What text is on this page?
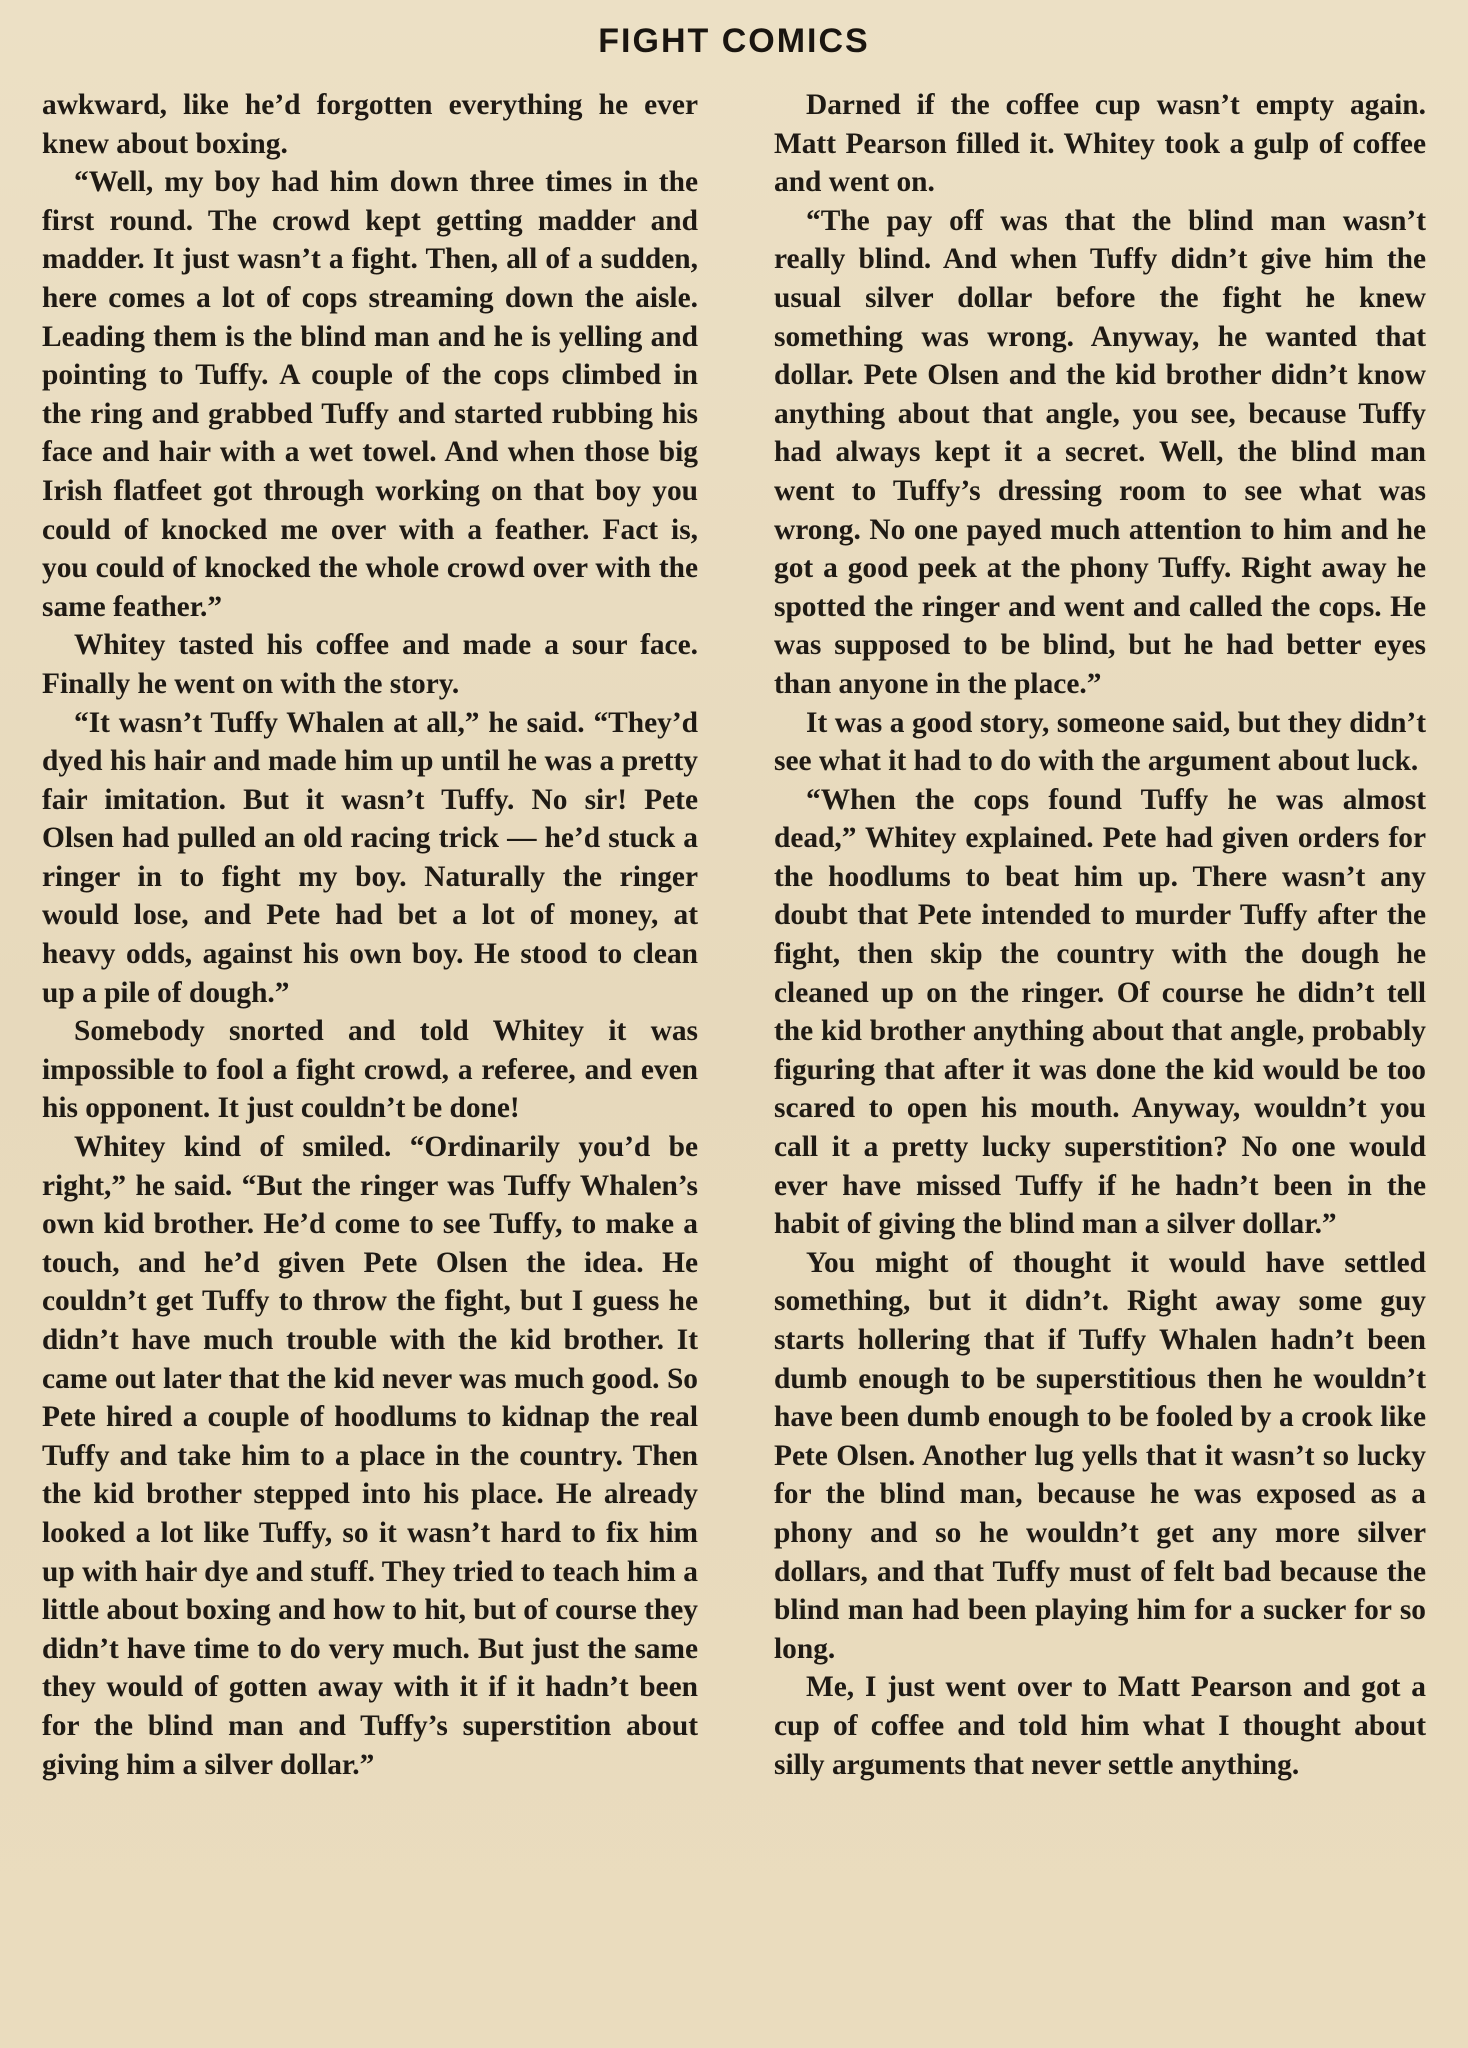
FIGHT COMICS

awkward, like he’d forgotten everything he ever knew about boxing.

“Well, my boy had him down three times in the first round. The crowd kept getting madder and madder. It just wasn’t a fight. Then, all of a sudden, here comes a lot of cops streaming down the aisle. Leading them is the blind man and he is yelling and pointing to Tuffy. A couple of the cops climbed in the ring and grabbed Tuffy and started rubbing his face and hair with a wet towel. And when those big Irish flatfeet got through working on that boy you could of knocked me over with a feather. Fact is, you could of knocked the whole crowd over with the same feather.”

Whitey tasted his coffee and made a sour face. Finally he went on with the story.

“It wasn’t Tuffy Whalen at all,” he said. “They’d dyed his hair and made him up until he was a pretty fair imitation. But it wasn’t Tuffy. No sir! Pete Olsen had pulled an old racing trick — he’d stuck a ringer in to fight my boy. Naturally the ringer would lose, and Pete had bet a lot of money, at heavy odds, against his own boy. He stood to clean up a pile of dough.”

Somebody snorted and told Whitey it was impossible to fool a fight crowd, a referee, and even his opponent. It just couldn’t be done!

Whitey kind of smiled. “Ordinarily you’d be right,” he said. “But the ringer was Tuffy Whalen’s own kid brother. He’d come to see Tuffy, to make a touch, and he’d given Pete Olsen the idea. He couldn’t get Tuffy to throw the fight, but I guess he didn’t have much trouble with the kid brother. It came out later that the kid never was much good. So Pete hired a couple of hoodlums to kidnap the real Tuffy and take him to a place in the country. Then the kid brother stepped into his place. He already looked a lot like Tuffy, so it wasn’t hard to fix him up with hair dye and stuff. They tried to teach him a little about boxing and how to hit, but of course they didn’t have time to do very much. But just the same they would of gotten away with it if it hadn’t been for the blind man and Tuffy’s superstition about giving him a silver dollar.”

Darned if the coffee cup wasn’t empty again. Matt Pearson filled it. Whitey took a gulp of coffee and went on.

“The pay off was that the blind man wasn’t really blind. And when Tuffy didn’t give him the usual silver dollar before the fight he knew something was wrong. Anyway, he wanted that dollar. Pete Olsen and the kid brother didn’t know anything about that angle, you see, because Tuffy had always kept it a secret. Well, the blind man went to Tuffy’s dressing room to see what was wrong. No one payed much attention to him and he got a good peek at the phony Tuffy. Right away he spotted the ringer and went and called the cops. He was supposed to be blind, but he had better eyes than anyone in the place.”

It was a good story, someone said, but they didn’t see what it had to do with the argument about luck.

“When the cops found Tuffy he was almost dead,” Whitey explained. Pete had given orders for the hoodlums to beat him up. There wasn’t any doubt that Pete intended to murder Tuffy after the fight, then skip the country with the dough he cleaned up on the ringer. Of course he didn’t tell the kid brother anything about that angle, probably figuring that after it was done the kid would be too scared to open his mouth. Anyway, wouldn’t you call it a pretty lucky superstition? No one would ever have missed Tuffy if he hadn’t been in the habit of giving the blind man a silver dollar.”

You might of thought it would have settled something, but it didn’t. Right away some guy starts hollering that if Tuffy Whalen hadn’t been dumb enough to be superstitious then he wouldn’t have been dumb enough to be fooled by a crook like Pete Olsen. Another lug yells that it wasn’t so lucky for the blind man, because he was exposed as a phony and so he wouldn’t get any more silver dollars, and that Tuffy must of felt bad because the blind man had been playing him for a sucker for so long.

Me, I just went over to Matt Pearson and got a cup of coffee and told him what I thought about silly arguments that never settle anything.
